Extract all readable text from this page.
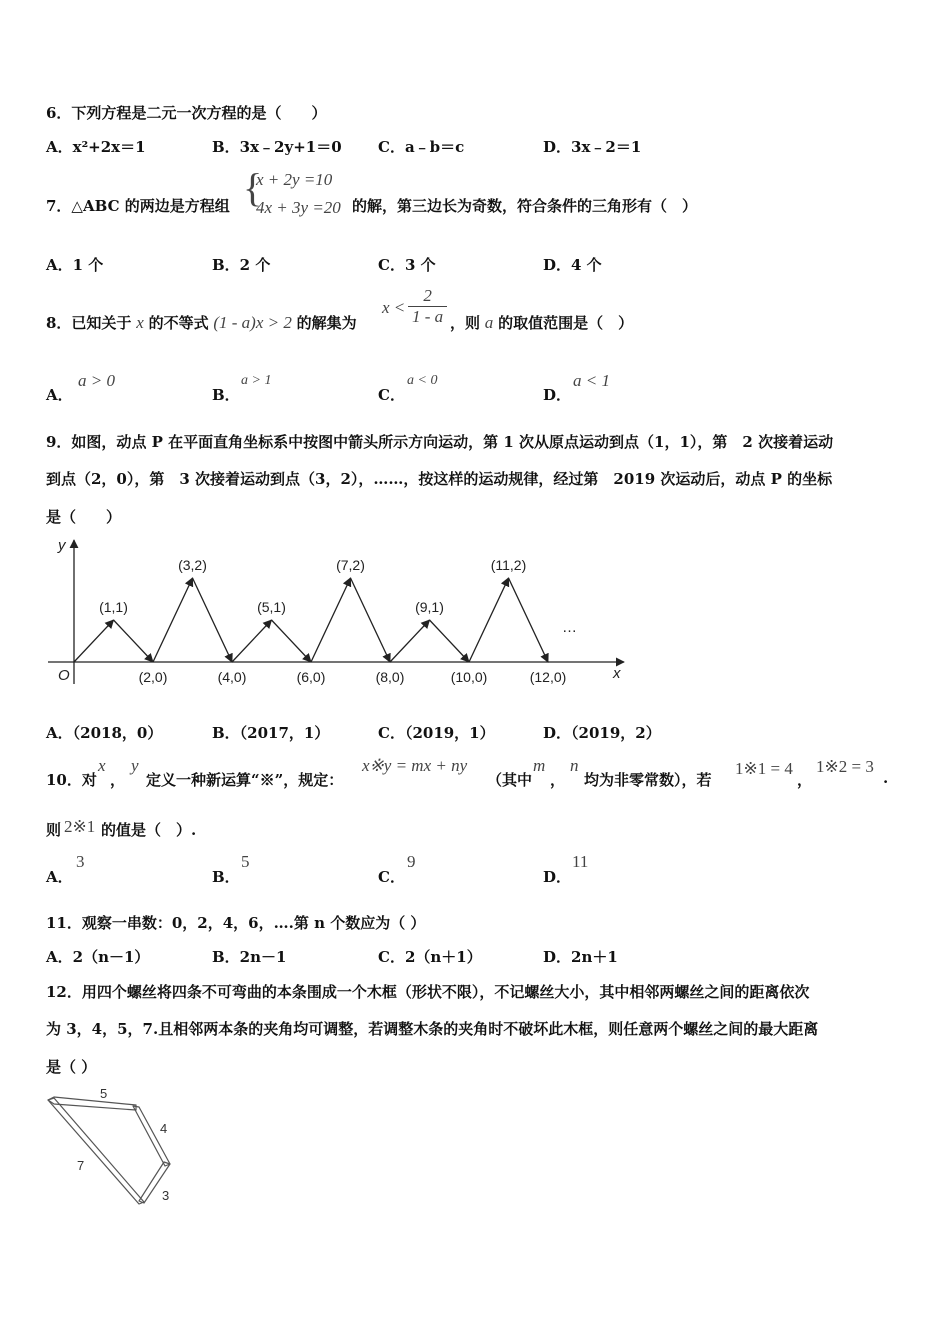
6．下列方程是二元一次方程的是（　　）
A．x²+2x＝1	B．3x﹣2y+1＝0 C．a﹣b＝c	D．3x﹣2＝1
7．△ABC 的两边是方程组 {
x + 2y =10
4x + 3y =20 的解，第三边长为奇数，符合条件的三角形有（　）
A．1 个	B．2 个	C．3 个	D．4 个
8．已知关于 x 的不等式 (1 - a)x > 2 的解集为
$x < \frac{2}{1 - a}$ ，则 a 的取值范围是（　）
A．
a > 0
B．
a > 1
C．
a < 0
D．
a < 1
9．如图，动点 P 在平面直角坐标系中按图中箭头所示方向运动，第 1 次从原点运动到点（1，1），第　2 次接着运动
到点（2，0），第　3 次接着运动到点（3，2），……，按这样的运动规律，经过第　2019 次运动后，动点 P 的坐标
是（　　）
x
y
O
…
(1,1)
(2,0)
(3,2)
(4,0)
(5,1)
(6,0)
(7,2)
(8,0)
(9,1)
(10,0)
(11,2)
(12,0)
A．（2018，0）	B．（2017，1）	C．（2019，1）	D．（2019，2）
10．对
x
，
y
定义一种新运算“※”，规定：
x※y = mx + ny
（其中
m
，
n
均为非零常数），若
1※1 = 4
，
1※2 = 3
.
则 2※1 的值是（　）.
A．
3
B．
5
C．
9
D．
11
11．观察一串数：0，2，4，6，….第 n 个数应为（ ）
A．2（n－1）	B．2n－1	C．2（n＋1）	D．2n＋1
12．用四个螺丝将四条不可弯曲的本条围成一个木框（形状不限），不记螺丝大小，其中相邻两螺丝之间的距离依次
为 3，4，5，7.且相邻两本条的夹角均可调整，若调整木条的夹角时不破坏此木框，则任意两个螺丝之间的最大距离
是（ ）
5
4
3
7
